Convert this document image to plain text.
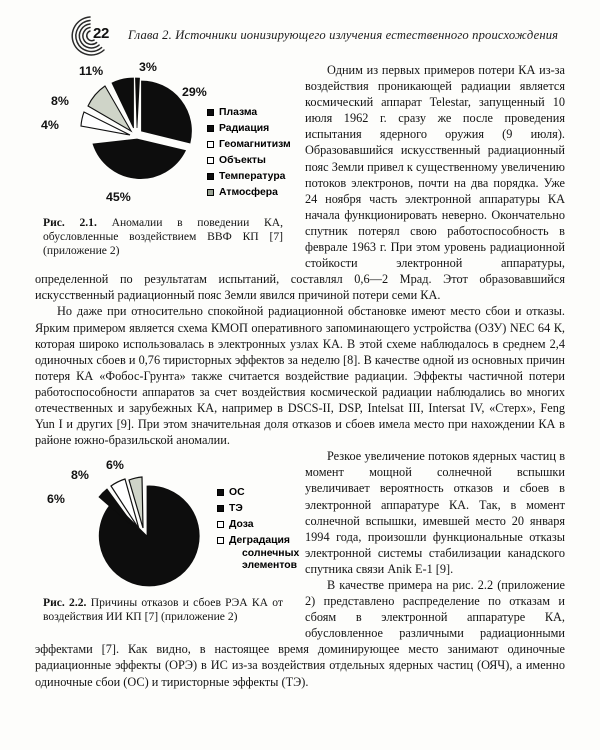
22 Глава 2. Источники ионизирующего излучения естественного происхождения
11%	3%
8%
4%
29%
45%
Плазма
Радиация
Геомагнитизм
Объекты
Температура
Атмосфера
Рис. 2.1. Аномалии в поведении КА, обусловленные воздействием ВВФ КП [7] (приложение 2)

Одним из первых примеров потери КА из-за воздействия проникающей радиации является космический аппарат Telestar, запущенный 10 июля 1962 г. сразу же после проведения испытания ядерного оружия (9 июля). Образовавшийся искусственный радиационный пояс Земли привел к существенному увеличению потоков электронов, почти на два порядка. Уже 24 ноября часть электронной аппаратуры КА начала функционировать неверно. Окончательно спутник потерял свою работоспособность в феврале 1963 г. При этом уровень радиационной стойкости электронной аппаратуры, определенной по результатам испытаний, составлял 0,6—2 Мрад. Этот образовавшийся искусственный радиационный пояс Земли явился причиной потери семи КА.

Но даже при относительно спокойной радиационной обстановке имеют место сбои и отказы. Ярким примером является схема КМОП оперативного запоминающего устройства (ОЗУ) NEC 64 К, которая широко использовалась в электронных узлах КА. В этой схеме наблюдалось в среднем 2,4 одиночных сбоев и 0,76 тиристорных эффектов за неделю [8]. В качестве одной из основных причин потеря КА «Фобос-Грунта» также считается воздействие радиации. Эффекты частичной потери работоспособности аппаратов за счет воздействия космической радиации наблюдались во многих отечественных и зарубежных КА, например в DSCS-II, DSP, Intelsat III, Intersat IV, «Стерх», Feng Yun I и других [9]. При этом значительная доля отказов и сбоев имела место при нахождении КА в районе южно-бразильской аномалии.

8%
6%
6%	ОС
ТЭ
Доза
Деградация
солнечных
элементов
Рис. 2.2. Причины отказов и сбоев РЭА КА от воздействия ИИ КП [7] (приложение 2)

Резкое увеличение потоков ядерных частиц в момент мощной солнечной вспышки увеличивает вероятность отказов и сбоев в электронной аппаратуре КА. Так, в момент солнечной вспышки, имевшей место 20 января 1994 года, произошли функциональные отказы электронной системы стабилизации канадского спутника связи Anik E-1 [9].

В качестве примера на рис. 2.2 (приложение 2) представлено распределение по отказам и сбоям в электронной аппаратуре КА, обусловленное различными радиационными эффектами [7]. Как видно, в настоящее время доминирующее место занимают одиночные радиационные эффекты (ОРЭ) в ИС из-за воздействия отдельных ядерных частиц (ОЯЧ), а именно одиночные сбои (ОС) и тиристорные эффекты (ТЭ).
